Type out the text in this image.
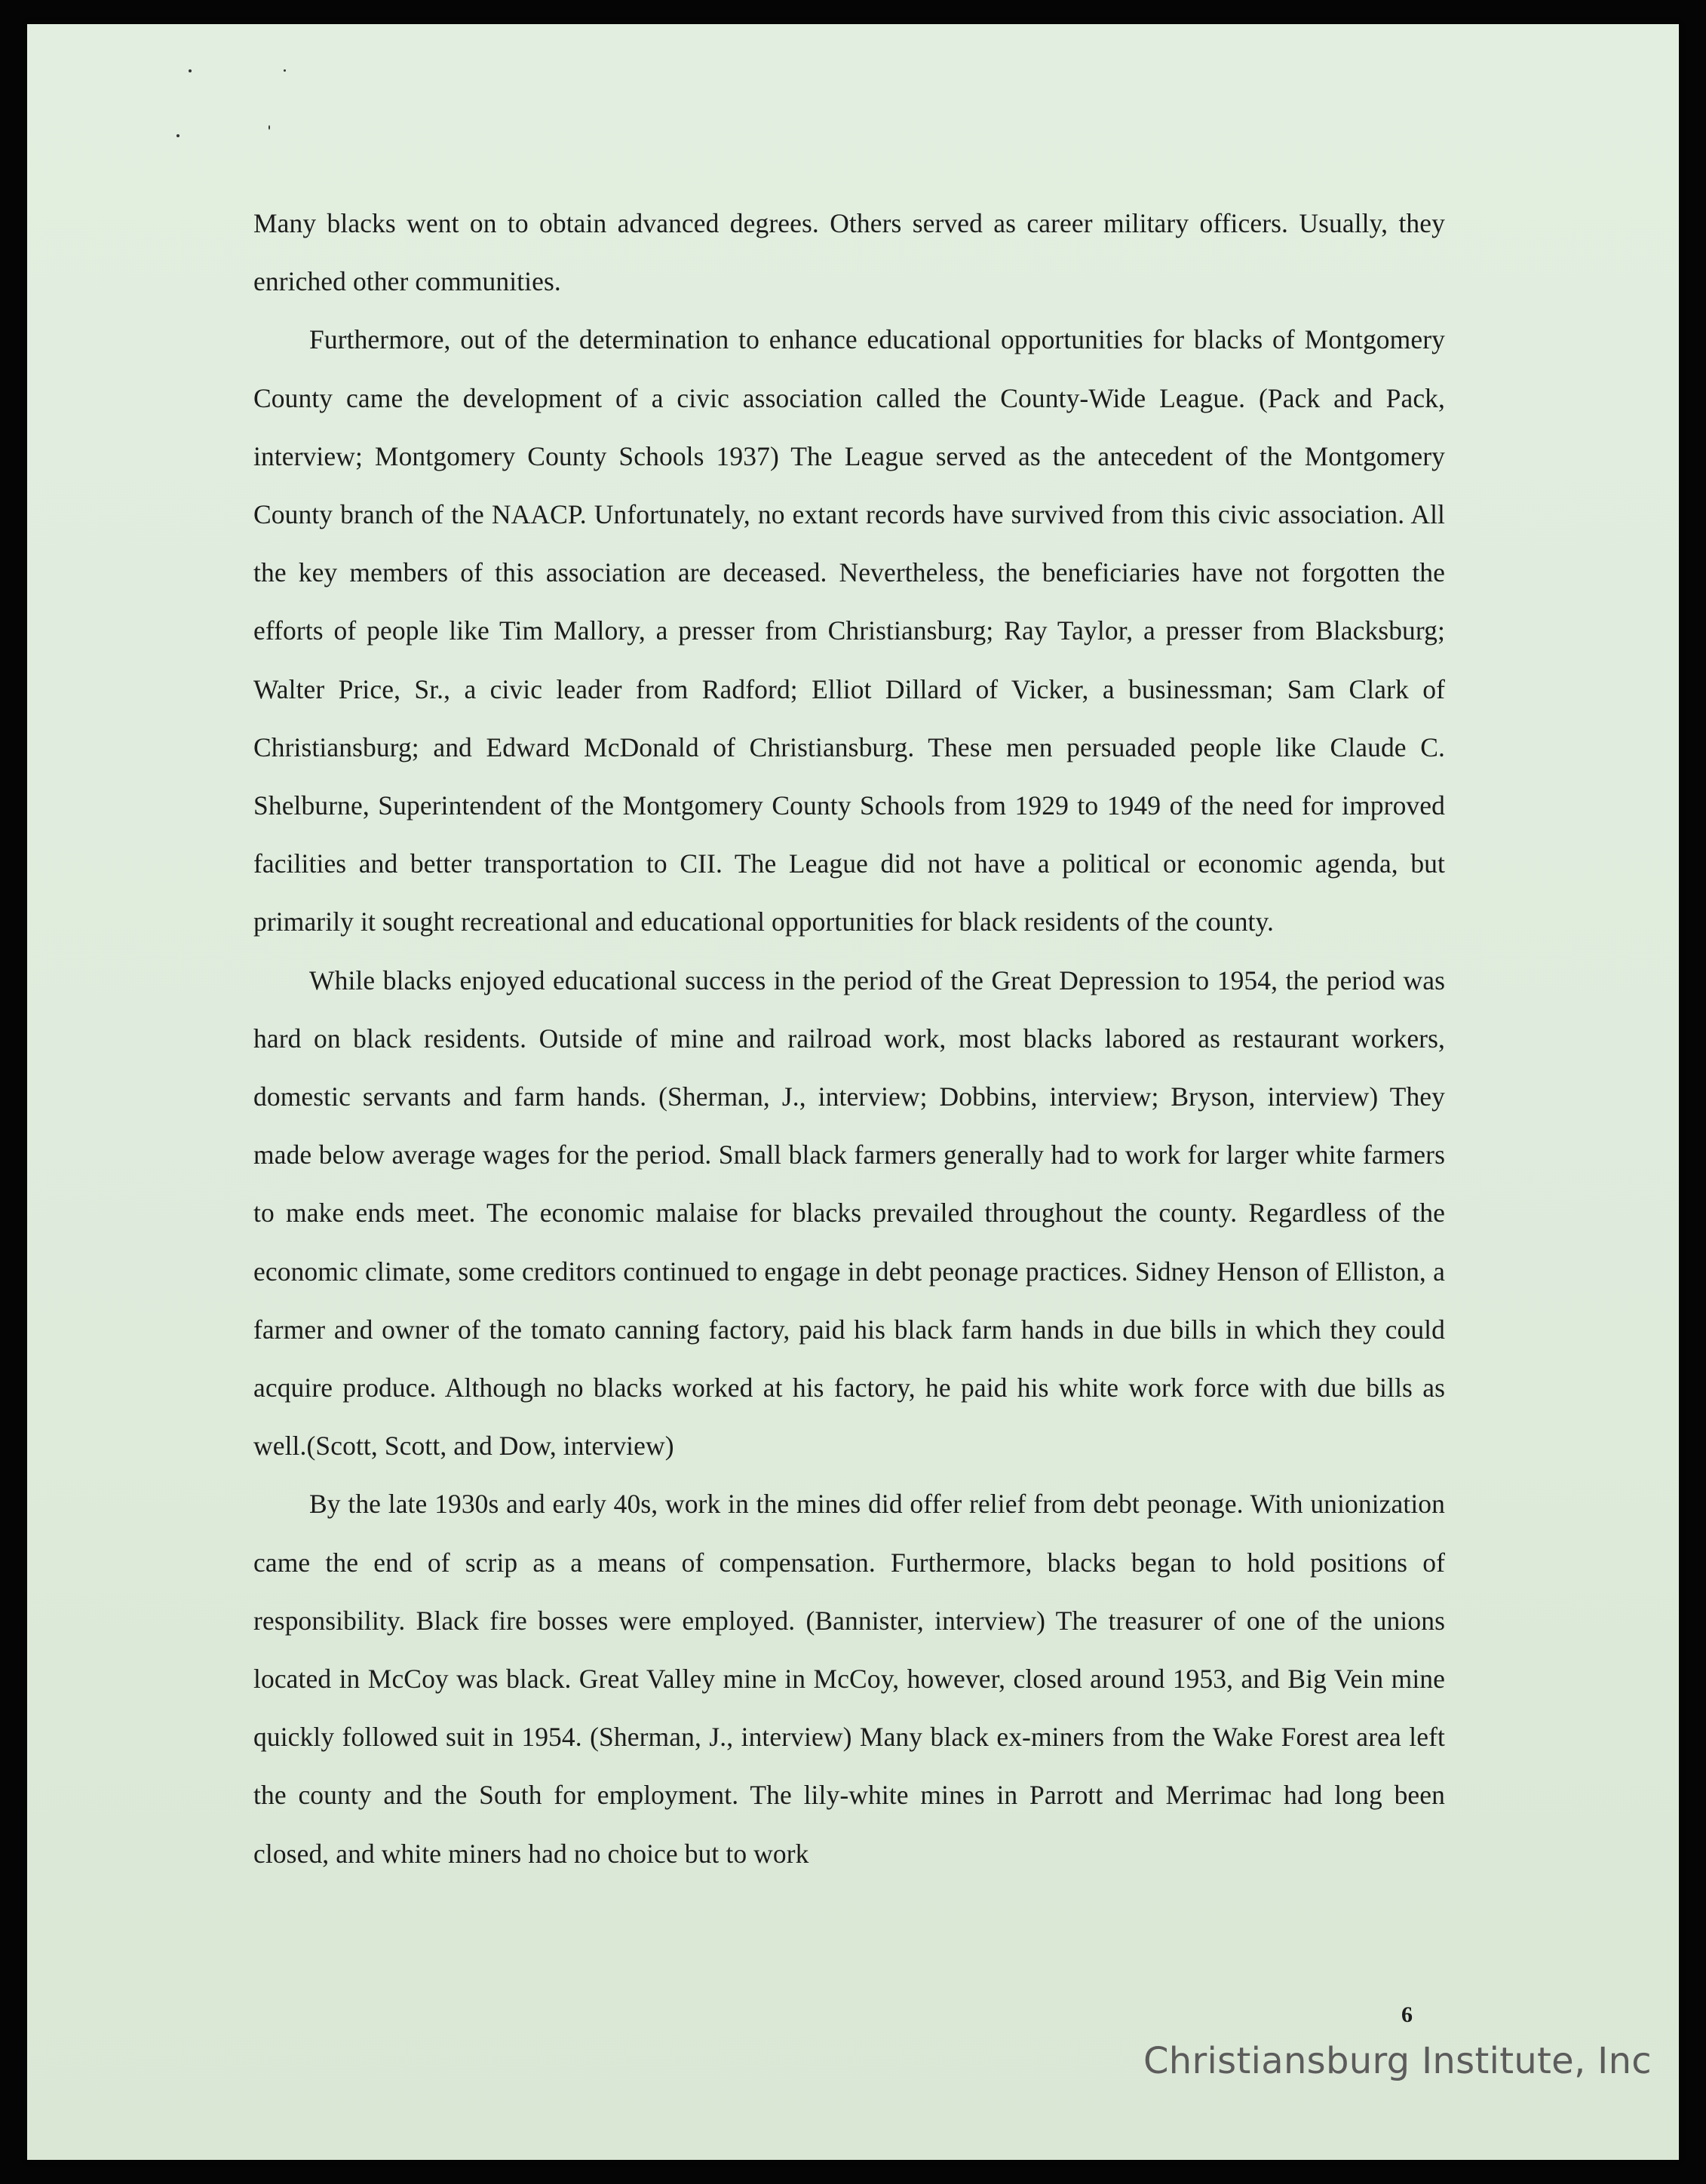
Many blacks went on to obtain advanced degrees. Others served as career military officers. Usually, they enriched other communities.

Furthermore, out of the determination to enhance educational opportunities for blacks of Montgomery County came the development of a civic association called the County-Wide League. (Pack and Pack, interview; Montgomery County Schools 1937) The League served as the antecedent of the Montgomery County branch of the NAACP. Unfortunately, no extant records have survived from this civic association. All the key members of this association are deceased. Nevertheless, the beneficiaries have not forgotten the efforts of people like Tim Mallory, a presser from Christiansburg; Ray Taylor, a presser from Blacksburg; Walter Price, Sr., a civic leader from Radford; Elliot Dillard of Vicker, a businessman; Sam Clark of Christiansburg; and Edward McDonald of Christiansburg. These men persuaded people like Claude C. Shelburne, Superintendent of the Montgomery County Schools from 1929 to 1949 of the need for improved facilities and better transportation to CII. The League did not have a political or economic agenda, but primarily it sought recreational and educational opportunities for black residents of the county.

While blacks enjoyed educational success in the period of the Great Depression to 1954, the period was hard on black residents. Outside of mine and railroad work, most blacks labored as restaurant workers, domestic servants and farm hands. (Sherman, J., interview; Dobbins, interview; Bryson, interview) They made below average wages for the period. Small black farmers generally had to work for larger white farmers to make ends meet. The economic malaise for blacks prevailed throughout the county. Regardless of the economic climate, some creditors continued to engage in debt peonage practices. Sidney Henson of Elliston, a farmer and owner of the tomato canning factory, paid his black farm hands in due bills in which they could acquire produce. Although no blacks worked at his factory, he paid his white work force with due bills as well.(Scott, Scott, and Dow, interview)

By the late 1930s and early 40s, work in the mines did offer relief from debt peonage. With unionization came the end of scrip as a means of compensation. Furthermore, blacks began to hold positions of responsibility. Black fire bosses were employed. (Bannister, interview) The treasurer of one of the unions located in McCoy was black. Great Valley mine in McCoy, however, closed around 1953, and Big Vein mine quickly followed suit in 1954. (Sherman, J., interview) Many black ex-miners from the Wake Forest area left the county and the South for employment. The lily-white mines in Parrott and Merrimac had long been closed, and white miners had no choice but to work

6
Christiansburg Institute, Inc
